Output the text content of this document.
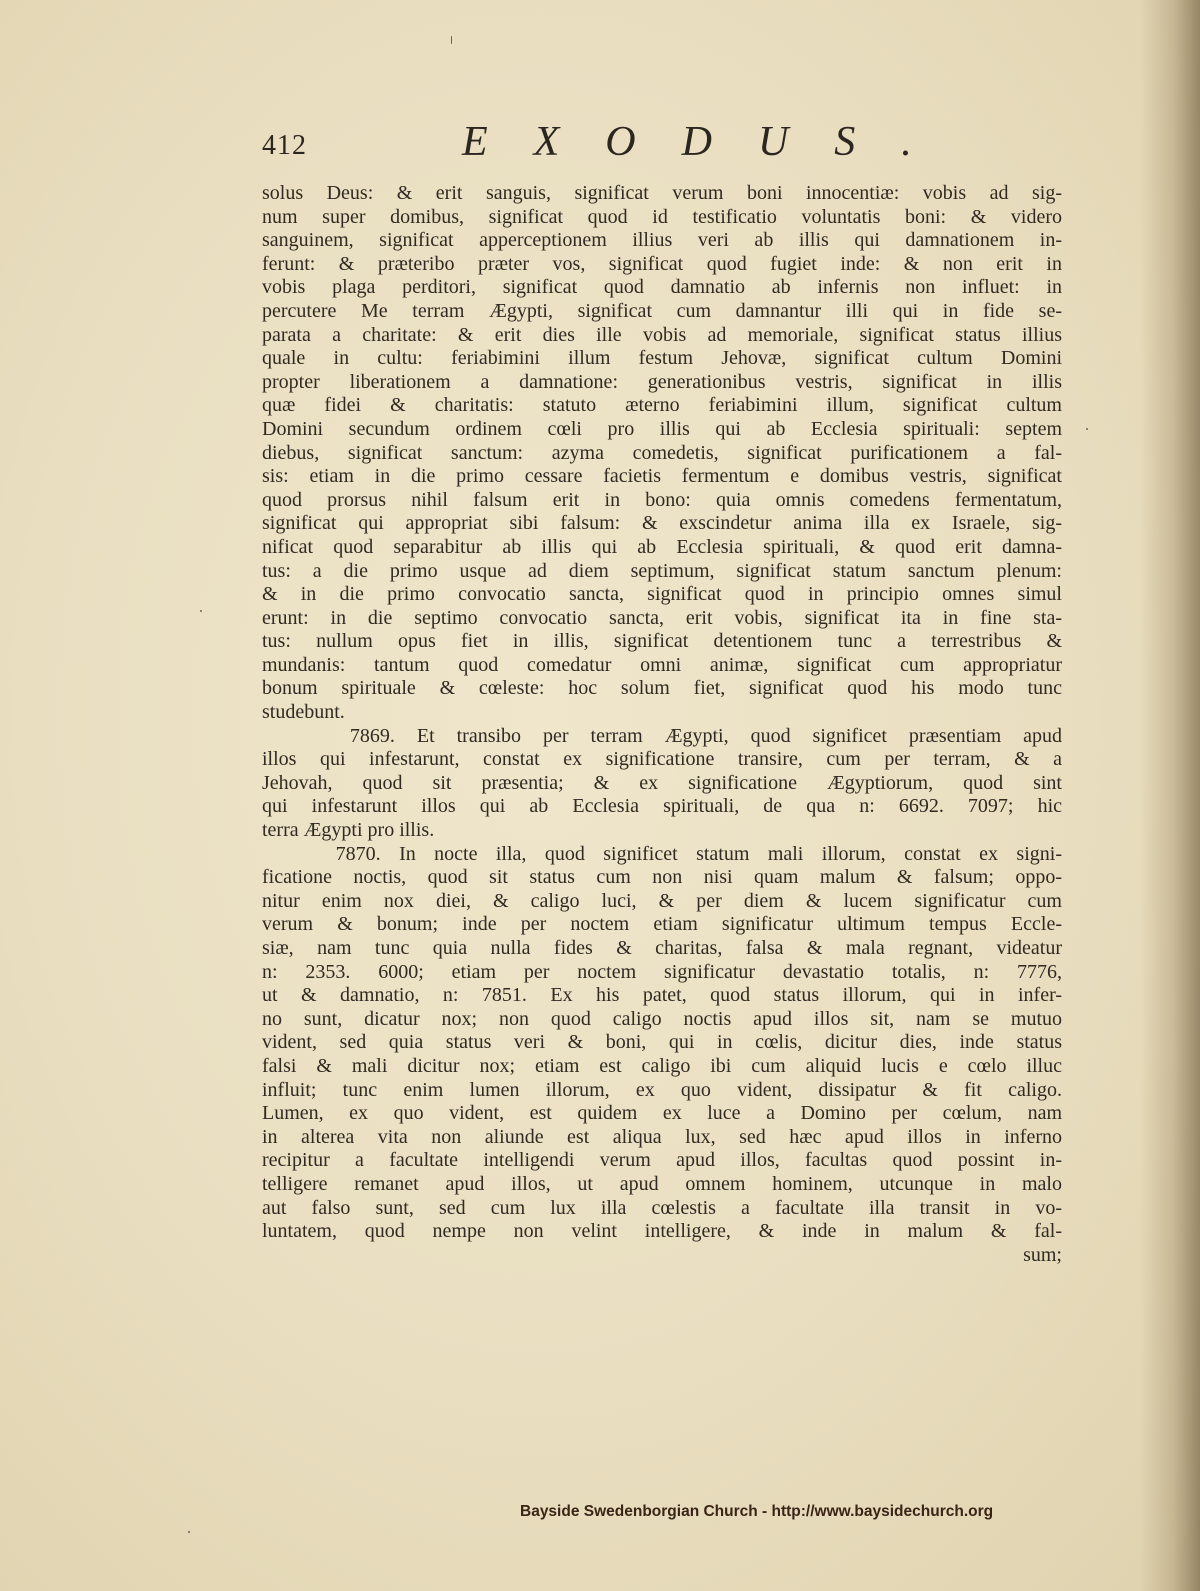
412	EXODUS.
solus Deus: & erit sanguis, significat verum boni innocentiæ: vobis ad sig-
num super domibus, significat quod id testificatio voluntatis boni: & videro
sanguinem, significat apperceptionem illius veri ab illis qui damnationem in-
ferunt: & præteribo præter vos, significat quod fugiet inde: & non erit in
vobis plaga perditori, significat quod damnatio ab infernis non influet: in
percutere Me terram Ægypti, significat cum damnantur illi qui in fide se-
parata a charitate: & erit dies ille vobis ad memoriale, significat status illius
quale in cultu: feriabimini illum festum Jehovæ, significat cultum Domini
propter liberationem a damnatione: generationibus vestris, significat in illis
quæ fidei & charitatis: statuto æterno feriabimini illum, significat cultum
Domini secundum ordinem cœli pro illis qui ab Ecclesia spirituali: septem
diebus, significat sanctum: azyma comedetis, significat purificationem a fal-
sis: etiam in die primo cessare facietis fermentum e domibus vestris, significat
quod prorsus nihil falsum erit in bono: quia omnis comedens fermentatum,
significat qui appropriat sibi falsum: & exscindetur anima illa ex Israele, sig-
nificat quod separabitur ab illis qui ab Ecclesia spirituali, & quod erit damna-
tus: a die primo usque ad diem septimum, significat statum sanctum plenum:
& in die primo convocatio sancta, significat quod in principio omnes simul
erunt: in die septimo convocatio sancta, erit vobis, significat ita in fine sta-
tus: nullum opus fiet in illis, significat detentionem tunc a terrestribus &
mundanis: tantum quod comedatur omni animæ, significat cum appropriatur
bonum spirituale & cœleste: hoc solum fiet, significat quod his modo tunc
studebunt.
7869. Et transibo per terram Ægypti, quod significet præsentiam apud
illos qui infestarunt, constat ex significatione transire, cum per terram, & a
Jehovah, quod sit præsentia; & ex significatione Ægyptiorum, quod sint
qui infestarunt illos qui ab Ecclesia spirituali, de qua n: 6692. 7097; hic
terra Ægypti pro illis.
7870. In nocte illa, quod significet statum mali illorum, constat ex signi-
ficatione noctis, quod sit status cum non nisi quam malum & falsum; oppo-
nitur enim nox diei, & caligo luci, & per diem & lucem significatur cum
verum & bonum; inde per noctem etiam significatur ultimum tempus Eccle-
siæ, nam tunc quia nulla fides & charitas, falsa & mala regnant, videatur
n: 2353. 6000; etiam per noctem significatur devastatio totalis, n: 7776,
ut & damnatio, n: 7851. Ex his patet, quod status illorum, qui in infer-
no sunt, dicatur nox; non quod caligo noctis apud illos sit, nam se mutuo
vident, sed quia status veri & boni, qui in cœlis, dicitur dies, inde status
falsi & mali dicitur nox; etiam est caligo ibi cum aliquid lucis e cœlo illuc
influit; tunc enim lumen illorum, ex quo vident, dissipatur & fit caligo.
Lumen, ex quo vident, est quidem ex luce a Domino per cœlum, nam
in alterea vita non aliunde est aliqua lux, sed hæc apud illos in inferno
recipitur a facultate intelligendi verum apud illos, facultas quod possint in-
telligere remanet apud illos, ut apud omnem hominem, utcunque in malo
aut falso sunt, sed cum lux illa cœlestis a facultate illa transit in vo-
luntatem, quod nempe non velint intelligere, & inde in malum & fal-
sum;
Bayside Swedenborgian Church - http://www.baysidechurch.org
